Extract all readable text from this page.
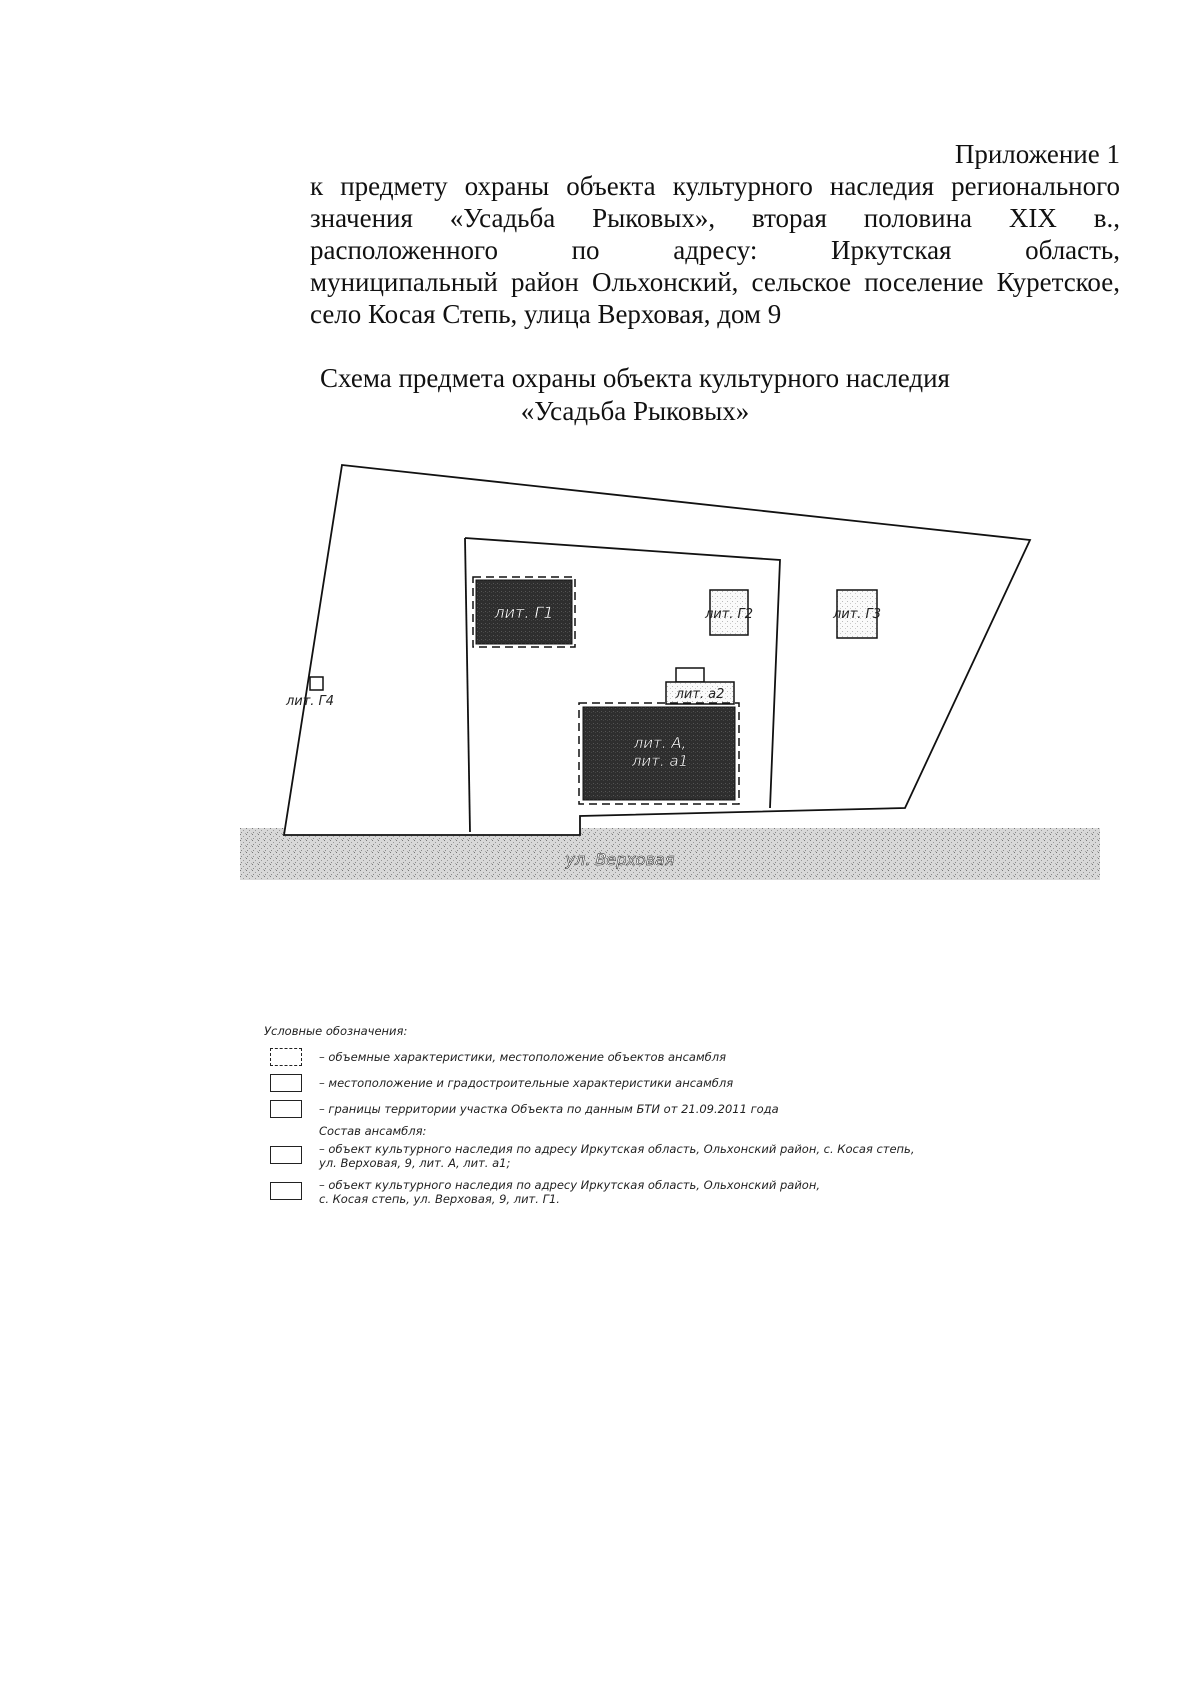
Приложение 1
к предмету охраны объекта культурного наследия регионального
значения «Усадьба Рыковых», вторая половина XIX в.,
расположенного по адресу: Иркутская область,
муниципальный район Ольхонский, сельское поселение Куретское,
село Косая Степь, улица Верховая, дом 9
Схема предмета охраны объекта культурного наследия
«Усадьба Рыковых»
лит. Г1	лит. Г2	лит. Г3
лит. Г4	лит. а2
лит. А,
лит. а1
ул. Верховая
Условные обозначения:
– объемные характеристики, местоположение объектов ансамбля
– местоположение и градостроительные характеристики ансамбля
– границы территории участка Объекта по данным БТИ от 21.09.2011 года
Состав ансамбля:
– объект культурного наследия по адресу Иркутская область, Ольхонский район, с. Косая степь,
ул. Верховая, 9, лит. А, лит. а1;
– объект культурного наследия по адресу Иркутская область, Ольхонский район,
с. Косая степь, ул. Верховая, 9, лит. Г1.
